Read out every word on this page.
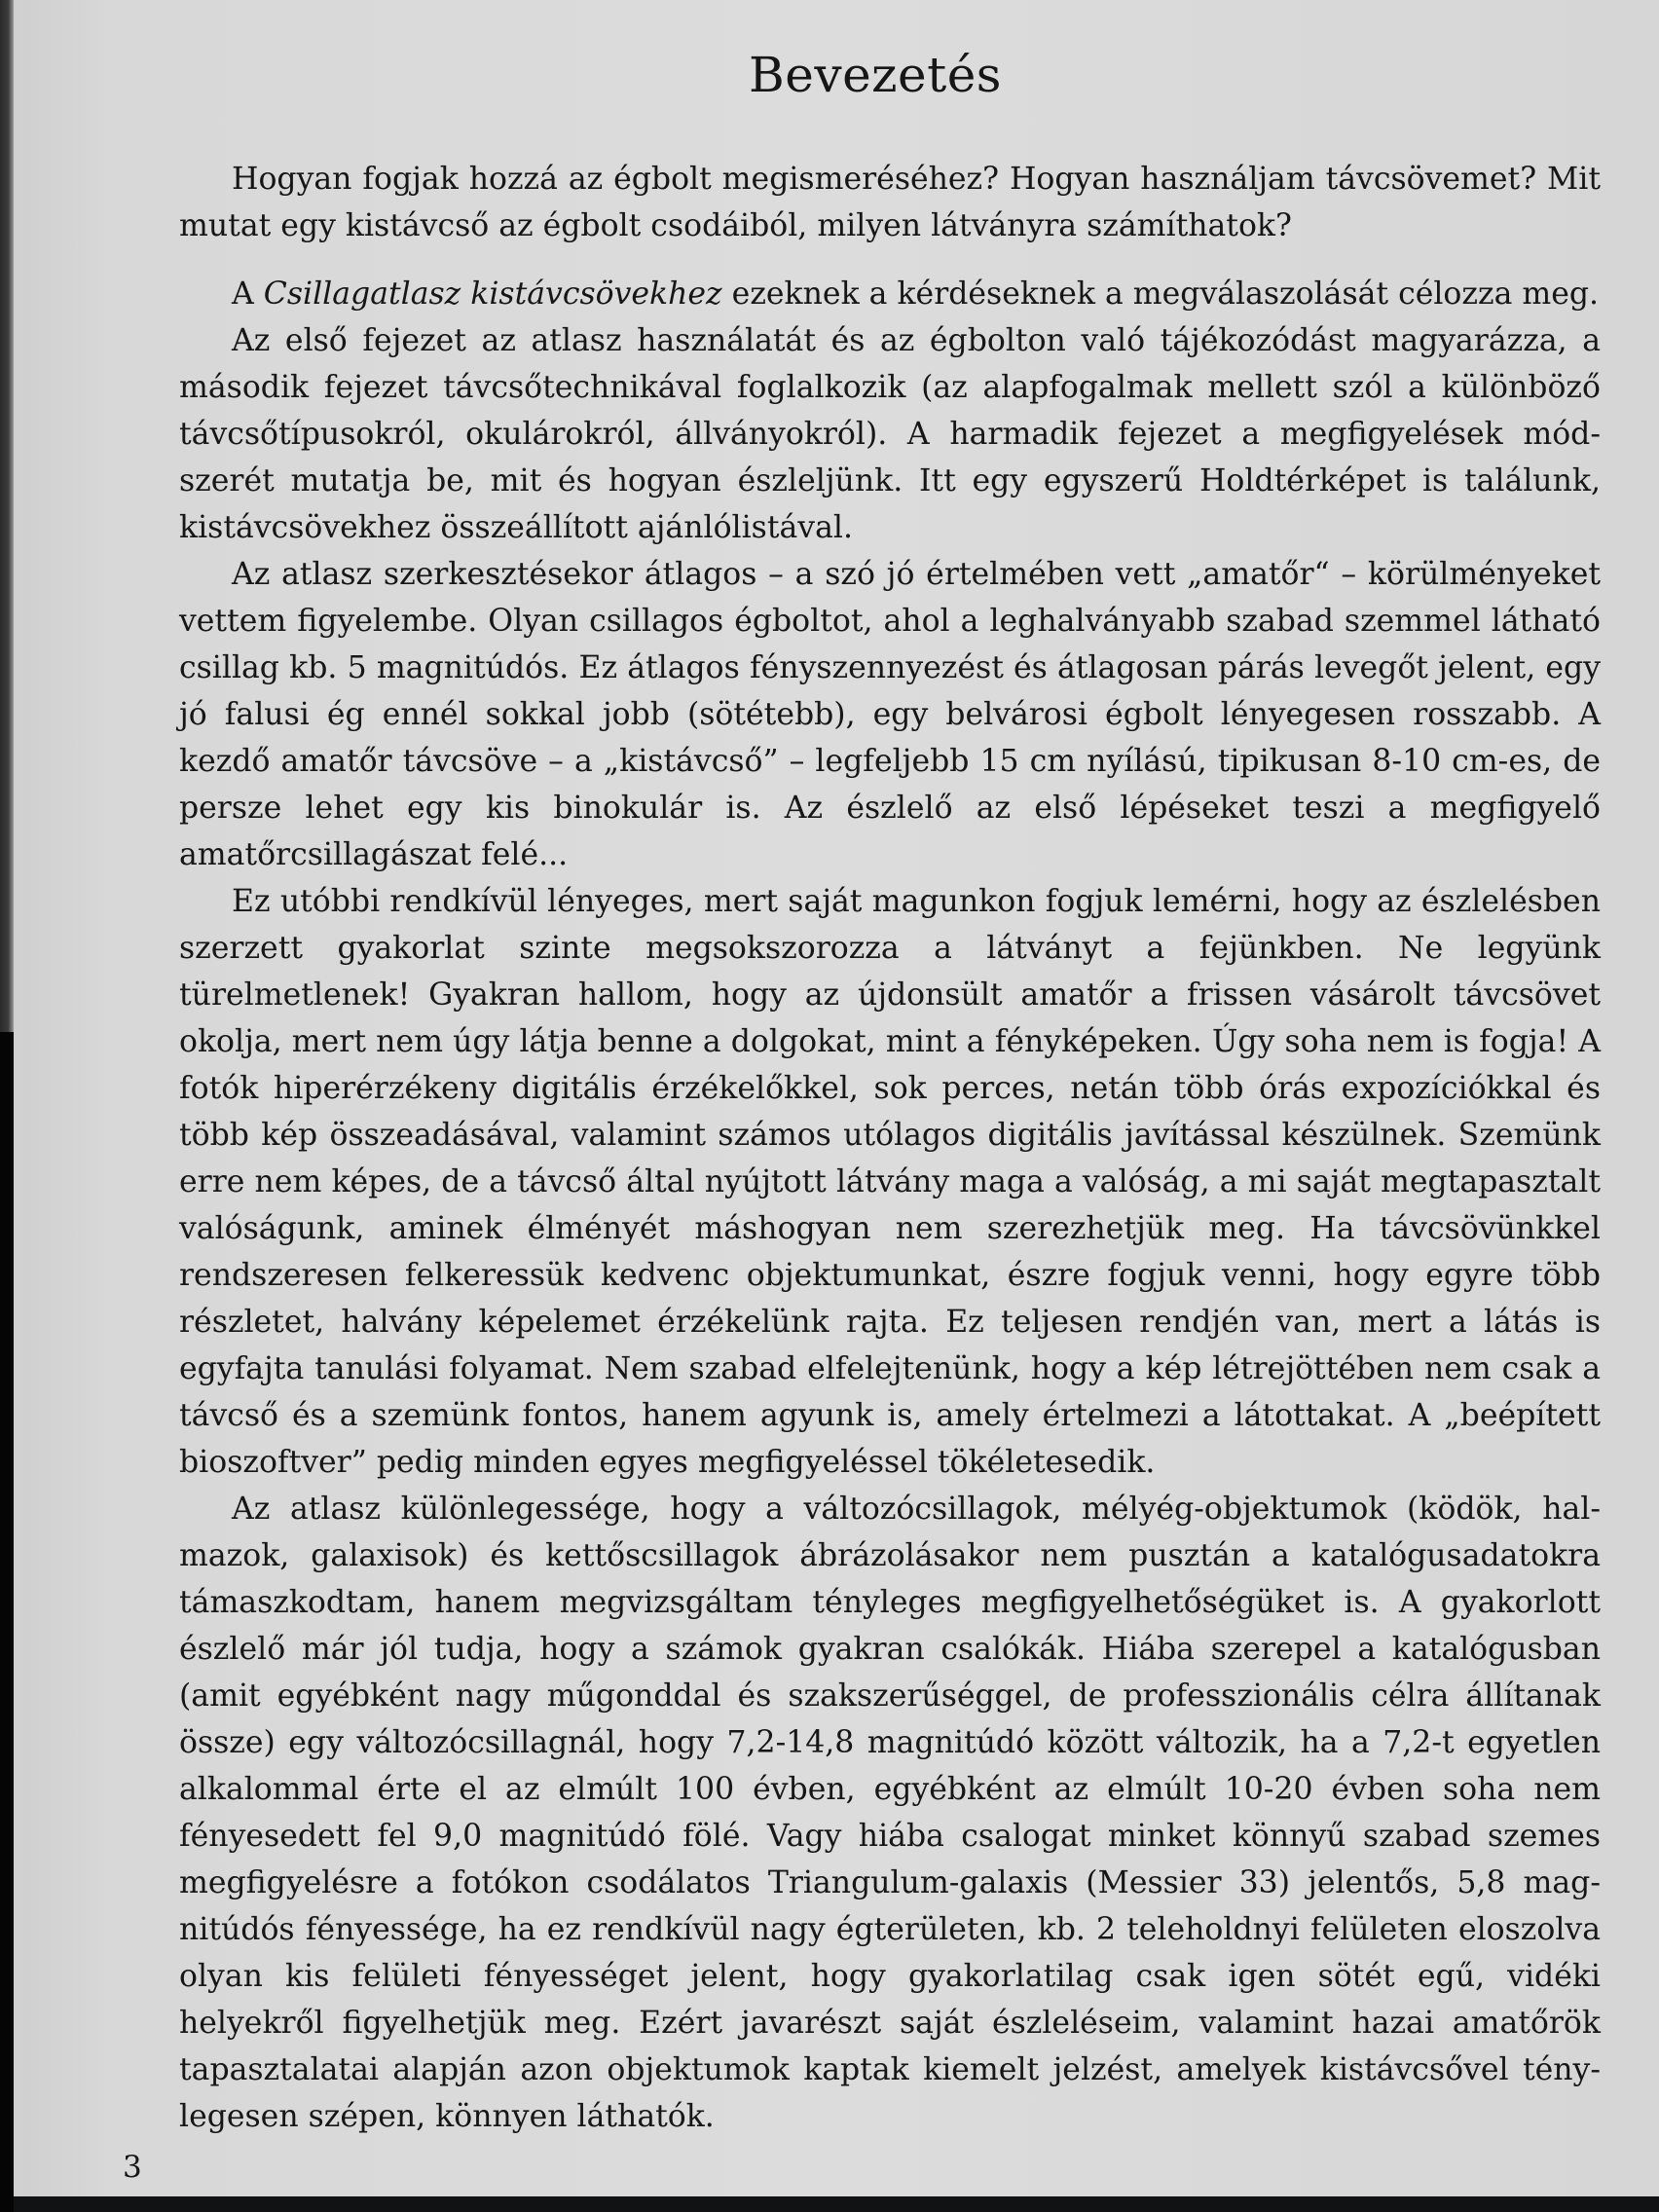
Bevezetés

Hogyan fogjak hozzá az égbolt megismeréséhez? Hogyan használjam távcsövemet? Mit mutat egy kistávcső az égbolt csodáiból, milyen látványra számíthatok?

A Csillagatlasz kistávcsövekhez ezeknek a kérdéseknek a megválaszolását célozza meg.

Az első fejezet az atlasz használatát és az égbolton való tájékozódást magyarázza, a második fejezet távcsőtechnikával foglalkozik (az alapfogalmak mellett szól a különböző távcsőtípusokról, okulárokról, állványokról). A harmadik fejezet a megfigyelések módszerét mutatja be, mit és hogyan észleljünk. Itt egy egyszerű Holdtérképet is találunk, kistávcsövekhez összeállított ajánlólistával.

Az atlasz szerkesztésekor átlagos – a szó jó értelmében vett „amatőr“ – körülményeket vettem figyelembe. Olyan csillagos égboltot, ahol a leghalványabb szabad szemmel látható csillag kb. 5 magnitúdós. Ez átlagos fényszennyezést és átlagosan párás levegőt jelent, egy jó falusi ég ennél sokkal jobb (sötétebb), egy belvárosi égbolt lényegesen rosszabb. A kezdő amatőr távcsöve – a „kistávcső” – legfeljebb 15 cm nyílású, tipikusan 8-10 cm-es, de persze lehet egy kis binokulár is. Az észlelő az első lépéseket teszi a megfigyelő amatőrcsillagászat felé...

Ez utóbbi rendkívül lényeges, mert saját magunkon fogjuk lemérni, hogy az észlelésben szerzett gyakorlat szinte megsokszorozza a látványt a fejünkben. Ne legyünk türelmetlenek! Gyakran hallom, hogy az újdonsült amatőr a frissen vásárolt távcsövet okolja, mert nem úgy látja benne a dolgokat, mint a fényképeken. Úgy soha nem is fogja! A fotók hiperérzékeny digitális érzékelőkkel, sok perces, netán több órás expozíciókkal és több kép összeadásával, valamint számos utólagos digitális javítással készülnek. Szemünk erre nem képes, de a távcső által nyújtott látvány maga a valóság, a mi saját megtapasztalt valóságunk, aminek élményét máshogyan nem szerezhetjük meg. Ha távcsövünkkel rendszeresen felkeressük kedvenc objektumunkat, észre fogjuk venni, hogy egyre több részletet, halvány képelemet érzékelünk rajta. Ez teljesen rendjén van, mert a látás is egyfajta tanulási folyamat. Nem szabad elfelejtenünk, hogy a kép létrejöttében nem csak a távcső és a szemünk fontos, hanem agyunk is, amely értelmezi a látottakat. A „beépített bioszoftver” pedig minden egyes megfigyeléssel tökéletesedik.

Az atlasz különlegessége, hogy a változócsillagok, mélyég-objektumok (ködök, halmazok, galaxisok) és kettőscsillagok ábrázolásakor nem pusztán a katalógusadatokra támaszkodtam, hanem megvizsgáltam tényleges megfigyelhetőségüket is. A gyakorlott észlelő már jól tudja, hogy a számok gyakran csalókák. Hiába szerepel a katalógusban (amit egyébként nagy műgonddal és szakszerűséggel, de professzionális célra állítanak össze) egy változócsillagnál, hogy 7,2-14,8 magnitúdó között változik, ha a 7,2-t egyetlen alkalommal érte el az elmúlt 100 évben, egyébként az elmúlt 10-20 évben soha nem fényesedett fel 9,0 magnitúdó fölé. Vagy hiába csalogat minket könnyű szabad szemes megfigyelésre a fotókon csodálatos Triangulum-galaxis (Messier 33) jelentős, 5,8 magnitúdós fényessége, ha ez rendkívül nagy égterületen, kb. 2 teleholdnyi felületen eloszolva olyan kis felületi fényességet jelent, hogy gyakorlatilag csak igen sötét egű, vidéki helyekről figyelhetjük meg. Ezért javarészt saját észleléseim, valamint hazai amatőrök tapasztalatai alapján azon objektumok kaptak kiemelt jelzést, amelyek kistávcsővel ténylegesen szépen, könnyen láthatók.

3
